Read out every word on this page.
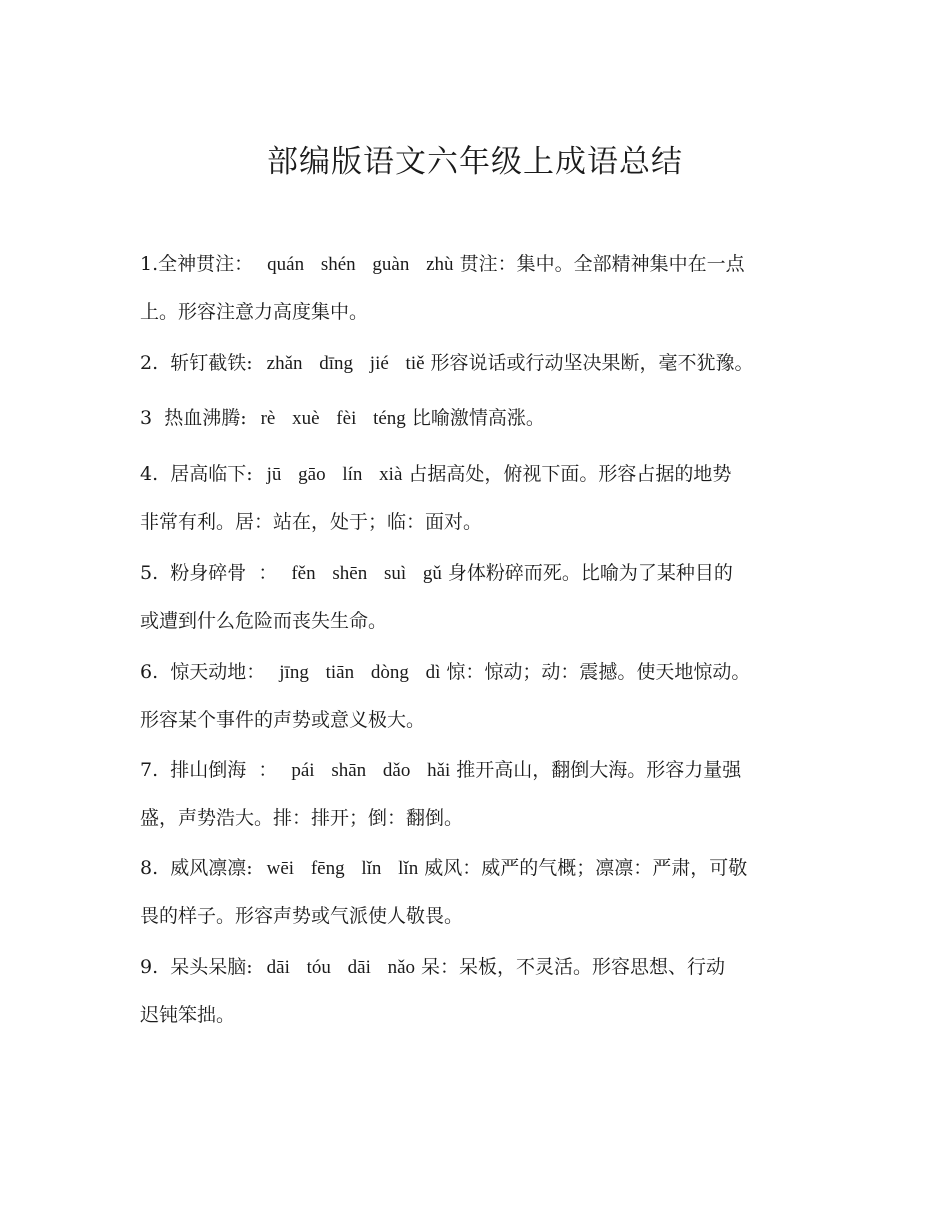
部编版语文六年级上成语总结
1.全神贯注： quán shén guàn zhù 贯注：集中。全部精神集中在一点
上。形容注意力高度集中。
2. 斩钉截铁: zhǎn dīng jié tiě 形容说话或行动坚决果断，毫不犹豫。
3 热血沸腾: rè xuè fèi téng 比喻激情高涨。
4. 居高临下: jū gāo lín xià 占据高处，俯视下面。形容占据的地势
非常有利。居：站在，处于；临：面对。
5. 粉身碎骨 ： fěn shēn suì gǔ 身体粉碎而死。比喻为了某种目的
或遭到什么危险而丧失生命。
6. 惊天动地： jīng tiān dòng dì 惊：惊动；动：震撼。使天地惊动。
形容某个事件的声势或意义极大。
7. 排山倒海 ： pái shān dǎo hǎi 推开高山，翻倒大海。形容力量强
盛，声势浩大。排：排开；倒：翻倒。
8. 威风凛凛: wēi fēng lǐn lǐn 威风：威严的气概；凛凛：严肃，可敬
畏的样子。形容声势或气派使人敬畏。
9. 呆头呆脑: dāi tóu dāi nǎo 呆：呆板，不灵活。形容思想、行动
迟钝笨拙。
